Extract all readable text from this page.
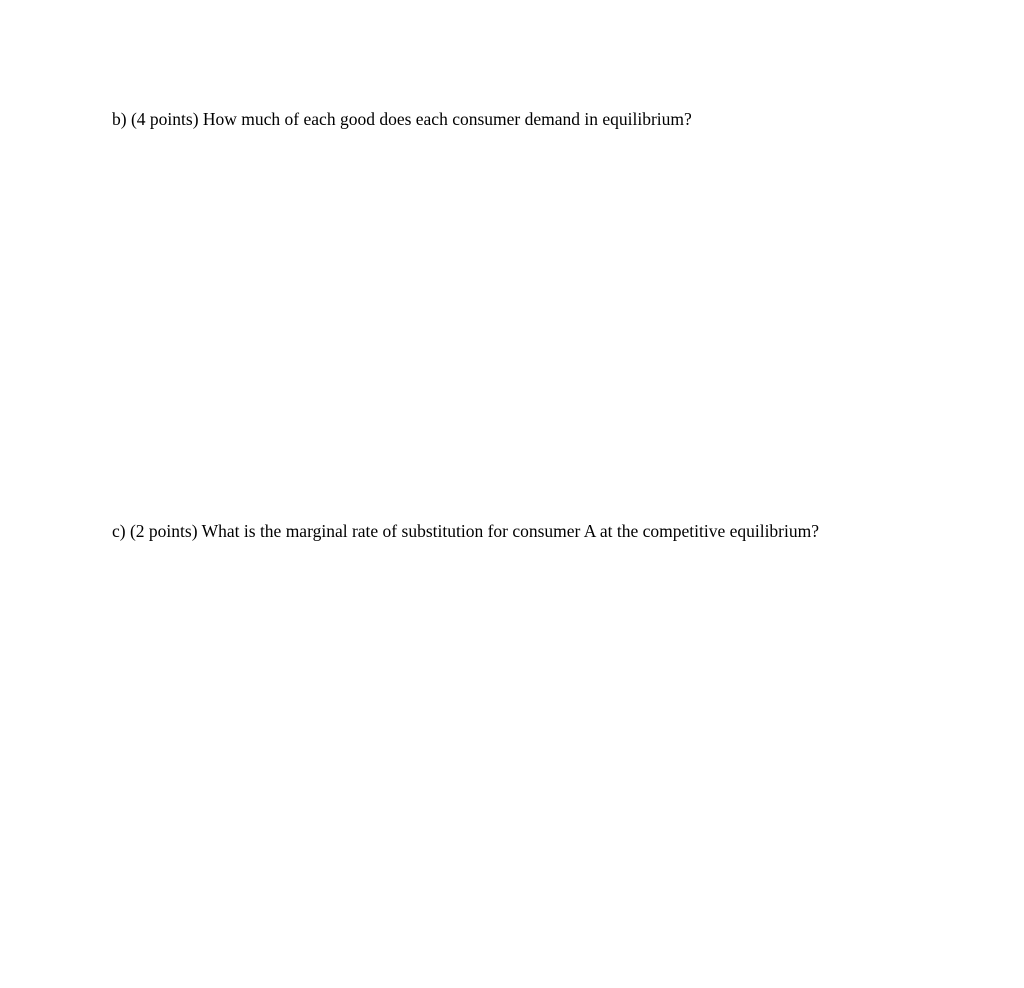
b) (4 points) How much of each good does each consumer demand in equilibrium?

c) (2 points) What is the marginal rate of substitution for consumer A at the competitive equilibrium?
